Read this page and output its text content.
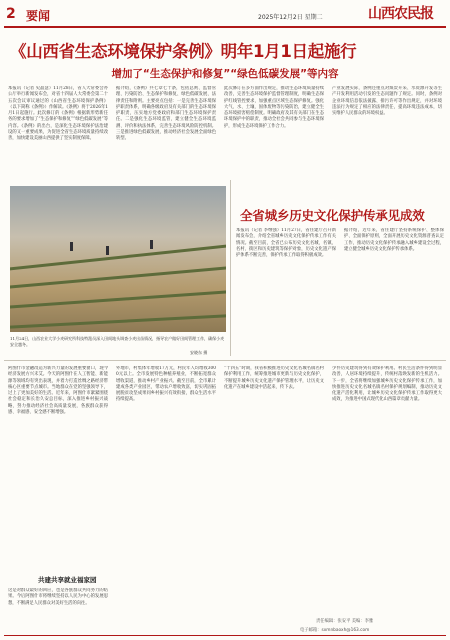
2 要闻	2025年12月2日 星期二	山西农民报
《山西省生态环境保护条例》明年1月1日起施行
增加了“生态保护和修复”“绿色低碳发展”等内容
本报讯（记者 史晶慧）11月28日，省人大常委会办公厅举行新闻发布会，对省十四届人大常委会第二十五次会议审议通过的《山西省生态环境保护条例》（以下简称《条例》）作解读。《条例》将于2026年1月1日起施行。此次修订的《条例》根据新形势新任务的要求增加了“生态保护和修复”“绿色低碳发展”等内容。《条例》的出台，是深化生态环境保护法治建设的又一重要成果，为促进全省生态环境质量持续改善，加快建设美丽山西提供了坚实制度保障。
据介绍，《条例》共七章七十条，包括总则、监督管理、污染防治、生态保护和修复、绿色低碳发展、法律责任和附则。主要亮点包括：一是完善生态环境保护职责体系，明确各级政府及有关部门的生态环境保护职责，压实地方党委政府和部门生态环境保护责任。二是强化生态环境监管，建立健全生态环境监测、评价和执法体系，完善生态环境风险防控机制。三是推进绿色低碳发展，推动经济社会发展全面绿色转型。
此次修订在多方面作出规定，推动生态环境质量持续改善，完善生态环境保护监督管理制度，明确生态保护红线管控要求，加强重点区域生态保护修复。强化大气、水、土壤、固体废物等污染防治，建立健全生态环境损害赔偿制度。明确政府及其有关部门在生态环境保护中的职责，推动全社会共同参与生态环境保护，形成生态环境保护工作合力。
产业发展实际，条例还重点对煤炭开采、水资源开发等生产开发利用活动引发的生态问题作了规定。同时，条例对企业环境信息依法披露、排污许可等作出规定，并对环境违法行为规定了相应的法律责任，提高环境违法成本，切实维护人民群众的环境权益。
11月24日，山西农业大学小麦研究所科技特派员深入田间地头调查小麦出苗情况，指导农户做好田间管理工作，确保小麦安全越冬。
安晓东 摄
全省城乡历史文化保护传承见成效
本报讯（记者 李继强）11月27日，省住建厅召开新闻发布会，介绍全省城乡历史文化保护传承工作有关情况。截至目前，全省已公布历史文化名城、名镇、名村、街区和历史建筑等保护对象，历史文化遗产保护体系不断完善，保护传承工作取得积极成效。
据介绍，近年来，省住建厅坚持系统保护、整体保护、全面保护原则，全面开展历史文化资源普查认定工作，推动历史文化保护传承融入城乡建设全过程，建立健全城乡历史文化保护传承体系。
阿图什市金融改造为新兴力量的发展重要窗口，现今经济发展方兴未艾。今天的阿图什在人工智能、新能源等领域均有突出表现，并着力打造丝绸之路经济带核心区重要节点城市。当地群众在党的坚强领导下，过上了更加美好的生活。近年来，阿图什市紧紧围绕社会稳定和长治久安总目标，深入推进乡村振兴战略，努力推动经济社会高质量发展，各族群众获得感、幸福感、安全感不断增强。
共建共享就业福家园
这是对群众最好的回应，也是各族群众共同努力的结果。今后阿图什市将继续坚持以人民为中心的发展思想，不断满足人民群众对美好生活的向往。
外地市，村集体年增收17万元，村民年人均增收3000元以上。全市发展特色种植养殖业，不断拓宽群众增收渠道，推动乡村产业振兴。截至目前，全市累计建成各类产业园区，带动农户增收致富，切实巩固拓展脱贫攻坚成果同乡村振兴有效衔接，群众生活水平持续提高。
“十四五”时期，我省积极推进历史文化名城名镇名村保护利用工作，统筹推进城市更新与历史文化保护，不断提升城乡历史文化遗产保护管理水平，让历史文化遗产在城乡建设中活起来、传下去。
少件历史建筑得到有效保护利用。村民生活条件得到明显改善，人居环境持续提升，传统村落焕发新的生机活力。下一步，全省将继续加强城乡历史文化保护传承工作，加快推进历史文化名城名镇名村保护规划编制，推动历史文化遗产活化利用，让城乡历史文化保护传承工作取得更大成效，为推进中国式现代化山西篇章贡献力量。
责任编辑：张安平 美编：李雅
电子邮箱：sxmnbaoxh@163.com
